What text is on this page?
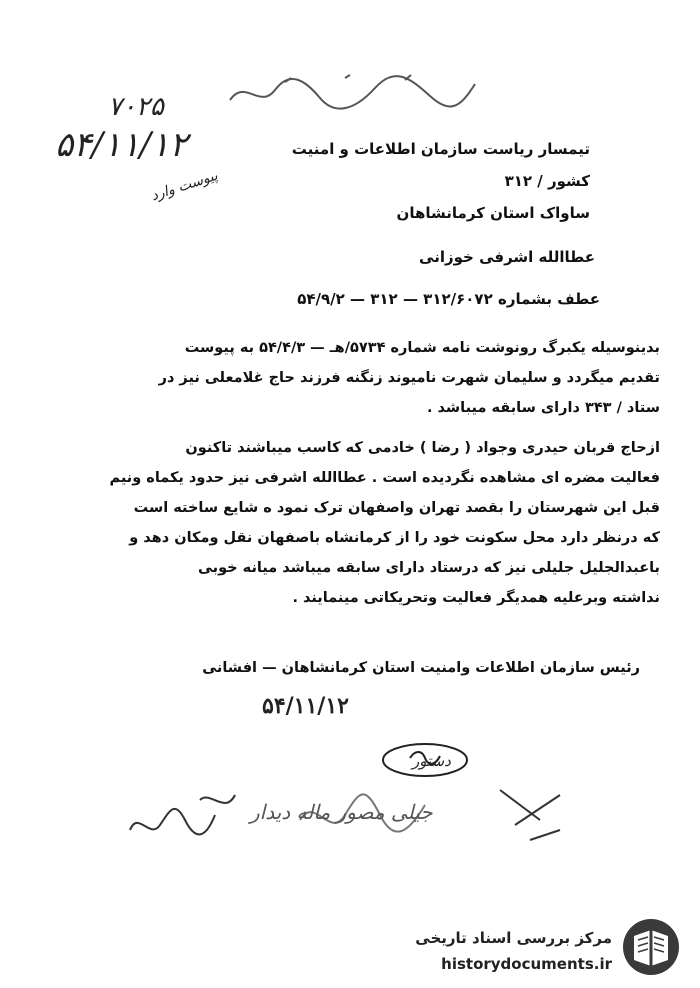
۷۰۲۵
۵۴/۱۱/۱۲
پیوست وارد
تیمسار ریاست سازمان اطلاعات و امنیت
کشور / ۳۱۲
ساواک استان کرمانشاهان
عطاالله اشرفی خوزانی
عطف بشماره ۳۱۲/۶۰۷۲ — ۳۱۲ — ۵۴/۹/۲
بدینوسیله یکبرگ رونوشت نامه شماره ۵۷۳۴/هـ — ۵۴/۴/۳ به پیوست
تقدیم میگردد و سلیمان شهرت نامیوند زنگنه فرزند حاج غلامعلی نیز در
ستاد / ۳۴۳ دارای سابقه میباشد .
ازحاج قربان حیدری وجواد ( رضا ) خادمی که کاسب میباشند تاکنون
فعالیت مضره ای مشاهده نگردیده است . عطاالله اشرفی نیز حدود یکماه ونیم
قبل این شهرستان را بقصد تهران واصفهان ترک نمود ه شایع ساخته است
که درنظر دارد محل سکونت خود را از کرمانشاه باصفهان نقل ومکان دهد و
باعبدالجلیل جلیلی نیز که درستاد دارای سابقه میباشد میانه خوبی
نداشته وبرعلیه همدیگر فعالیت وتحریکاتی مینمایند .
رئیس سازمان اطلاعات وامنیت استان کرمانشاهان — افشانی
۵۴/۱۱/۱۲
دستور
جیلی مصور ماله دیدار
مرکز بررسی اسناد تاریخی
historydocuments.ir
